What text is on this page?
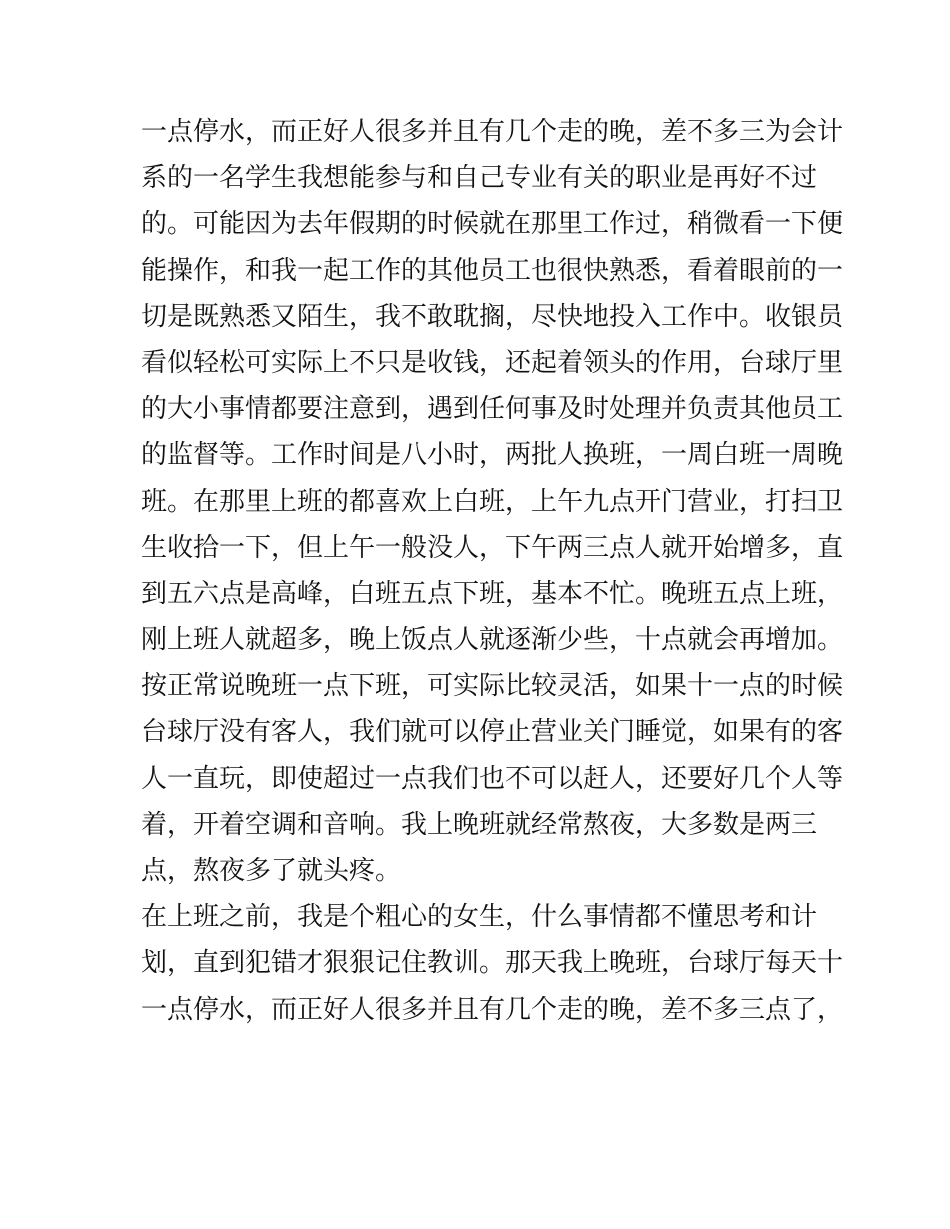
一点停水，而正好人很多并且有几个走的晚，差不多三为会计
系的一名学生我想能参与和自己专业有关的职业是再好不过
的。可能因为去年假期的时候就在那里工作过，稍微看一下便
能操作，和我一起工作的其他员工也很快熟悉，看着眼前的一
切是既熟悉又陌生，我不敢耽搁，尽快地投入工作中。收银员
看似轻松可实际上不只是收钱，还起着领头的作用，台球厅里
的大小事情都要注意到，遇到任何事及时处理并负责其他员工
的监督等。工作时间是八小时，两批人换班，一周白班一周晚
班。在那里上班的都喜欢上白班，上午九点开门营业，打扫卫
生收拾一下，但上午一般没人，下午两三点人就开始增多，直
到五六点是高峰，白班五点下班，基本不忙。晚班五点上班，
刚上班人就超多，晚上饭点人就逐渐少些，十点就会再增加。
按正常说晚班一点下班，可实际比较灵活，如果十一点的时候
台球厅没有客人，我们就可以停止营业关门睡觉，如果有的客
人一直玩，即使超过一点我们也不可以赶人，还要好几个人等
着，开着空调和音响。我上晚班就经常熬夜，大多数是两三
点，熬夜多了就头疼。
在上班之前，我是个粗心的女生，什么事情都不懂思考和计
划，直到犯错才狠狠记住教训。那天我上晚班，台球厅每天十
一点停水，而正好人很多并且有几个走的晚，差不多三点了，
